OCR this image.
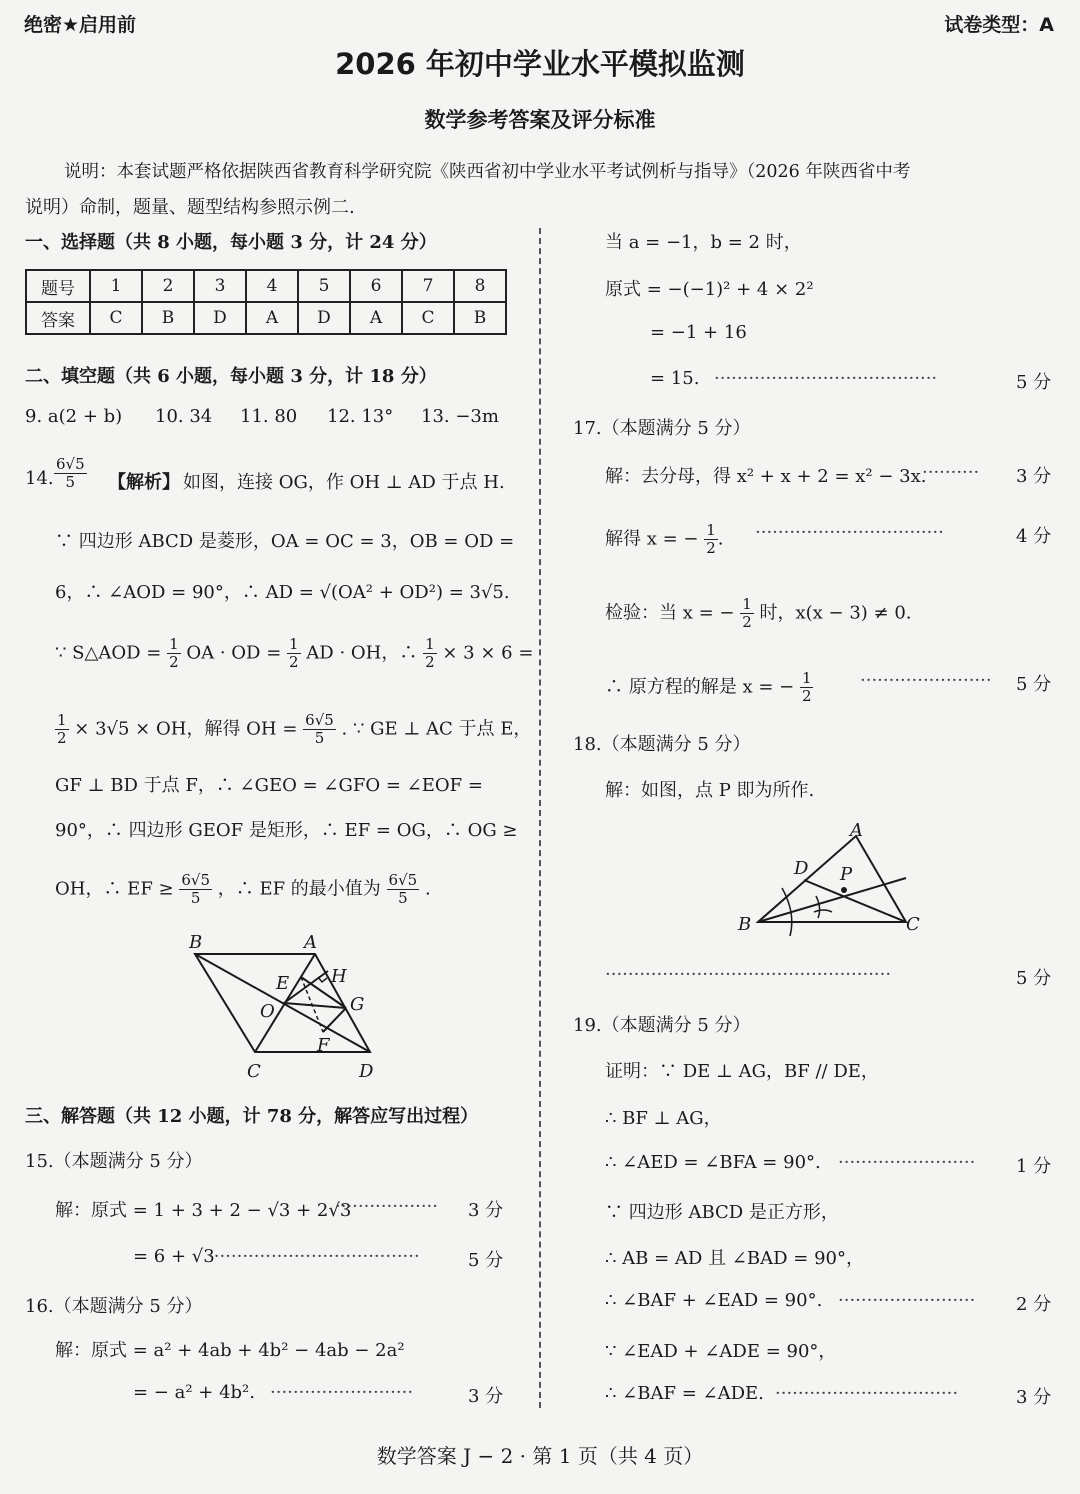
绝密★启用前	试卷类型：A
2026 年初中学业水平模拟监测
数学参考答案及评分标准
说明：本套试题严格依据陕西省教育科学研究院《陕西省初中学业水平考试例析与指导》（2026 年陕西省中考
说明）命制，题量、题型结构参照示例二.
一、选择题（共 8 小题，每小题 3 分，计 24 分）
题号	1	2	3	4	5	6	7	8
答案	C	B	D	A	D	A	C	B
二、填空题（共 6 小题，每小题 3 分，计 18 分）
9. a(2 + b) 10. 34 11. 80 12. 13° 13. −3m
14. $\frac{6√5}{5}$ 【解析】 如图，连接 OG，作 OH ⊥ AD 于点 H.
∵ 四边形 ABCD 是菱形，OA = OC = 3，OB = OD =
6，∴ ∠AOD = 90°，∴ AD = √(OA² + OD²) = 3√5.
∵ S△AOD = $\frac{1}{2}$ OA · OD = $\frac{1}{2}$ AD · OH，∴ $\frac{1}{2} \times 3 \times 6$ =
$\frac{1}{2} \times 3√5$ × OH，解得 OH = $\frac{6√5}{5}$ . ∵ GE ⊥ AC 于点 E，
GF ⊥ BD 于点 F，∴ ∠GEO = ∠GFO = ∠EOF =
90°，∴ 四边形 GEOF 是矩形，∴ EF = OG，∴ OG ≥
OH，∴ EF ≥ $\frac{6√5}{5}$ ，∴ EF 的最小值为 $\frac{6√5}{5}$ .
B	A
E H
O	G
F
C	D
三、解答题（共 12 小题，计 78 分，解答应写出过程）
15.（本题满分 5 分）
解：原式 = 1 + 3 + 2 − √3 + 2√3
·················· 3 分
= 6 + √3
·····································	5 分
16.（本题满分 5 分）
解：原式 = a² + 4ab + 4b² − 4ab − 2a²
= − a² + 4b². ·························	3 分
当 a = −1，b = 2 时，
原式 = −(−1)² + 4 × 2²
= −1 + 16
= 15. ·······································	5 分
17.（本题满分 5 分）
解：去分母，得 x² + x + 2 = x² − 3x.
·········· 3 分
解得 x = − $\frac{1}{2}$ . ·································	4 分
检验：当 x = − $\frac{1}{2}$ 时，x(x − 3) ≠ 0.
∴ 原方程的解是 x = − $\frac{1}{2}$	······················· 5 分
18.（本题满分 5 分）
解：如图，点 P 即为所作.
A
D P
B	C
··················································	5 分
19.（本题满分 5 分）
证明：∵ DE ⊥ AG，BF // DE，
∴ BF ⊥ AG，
∴ ∠AED = ∠BFA = 90°. ························ 1 分
∵ 四边形 ABCD 是正方形，
∴ AB = AD 且 ∠BAD = 90°，
∴ ∠BAF + ∠EAD = 90°. ························ 2 分
∵ ∠EAD + ∠ADE = 90°，
∴ ∠BAF = ∠ADE. ································	3 分
数学答案 J − 2 · 第 1 页（共 4 页）
